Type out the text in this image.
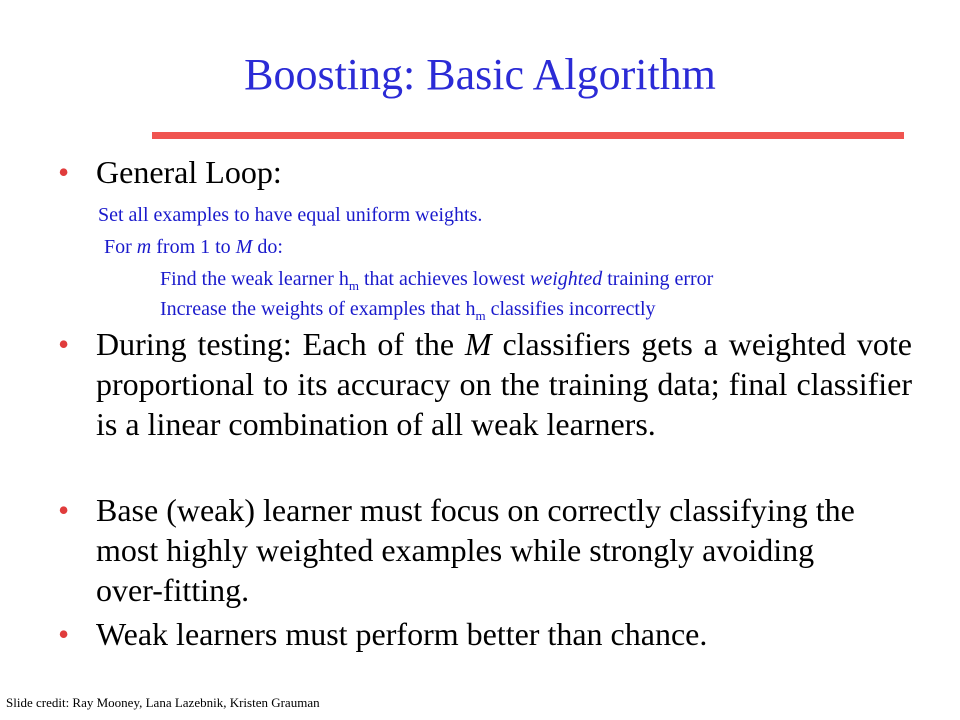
Boosting: Basic Algorithm
• General Loop:
Set all examples to have equal uniform weights.
For m from 1 to M do:
Find the weak learner $h_m$ that achieves lowest weighted training error
Increase the weights of examples that $h_m$ classifies incorrectly
• During testing: Each of the M classifiers gets a weighted vote proportional to its accuracy on the training data; final classifier is a linear combination of all weak learners.
• Base (weak) learner must focus on correctly classifying the most highly weighted examples while strongly avoiding over-fitting.
• Weak learners must perform better than chance.
Slide credit: Ray Mooney, Lana Lazebnik, Kristen Grauman
